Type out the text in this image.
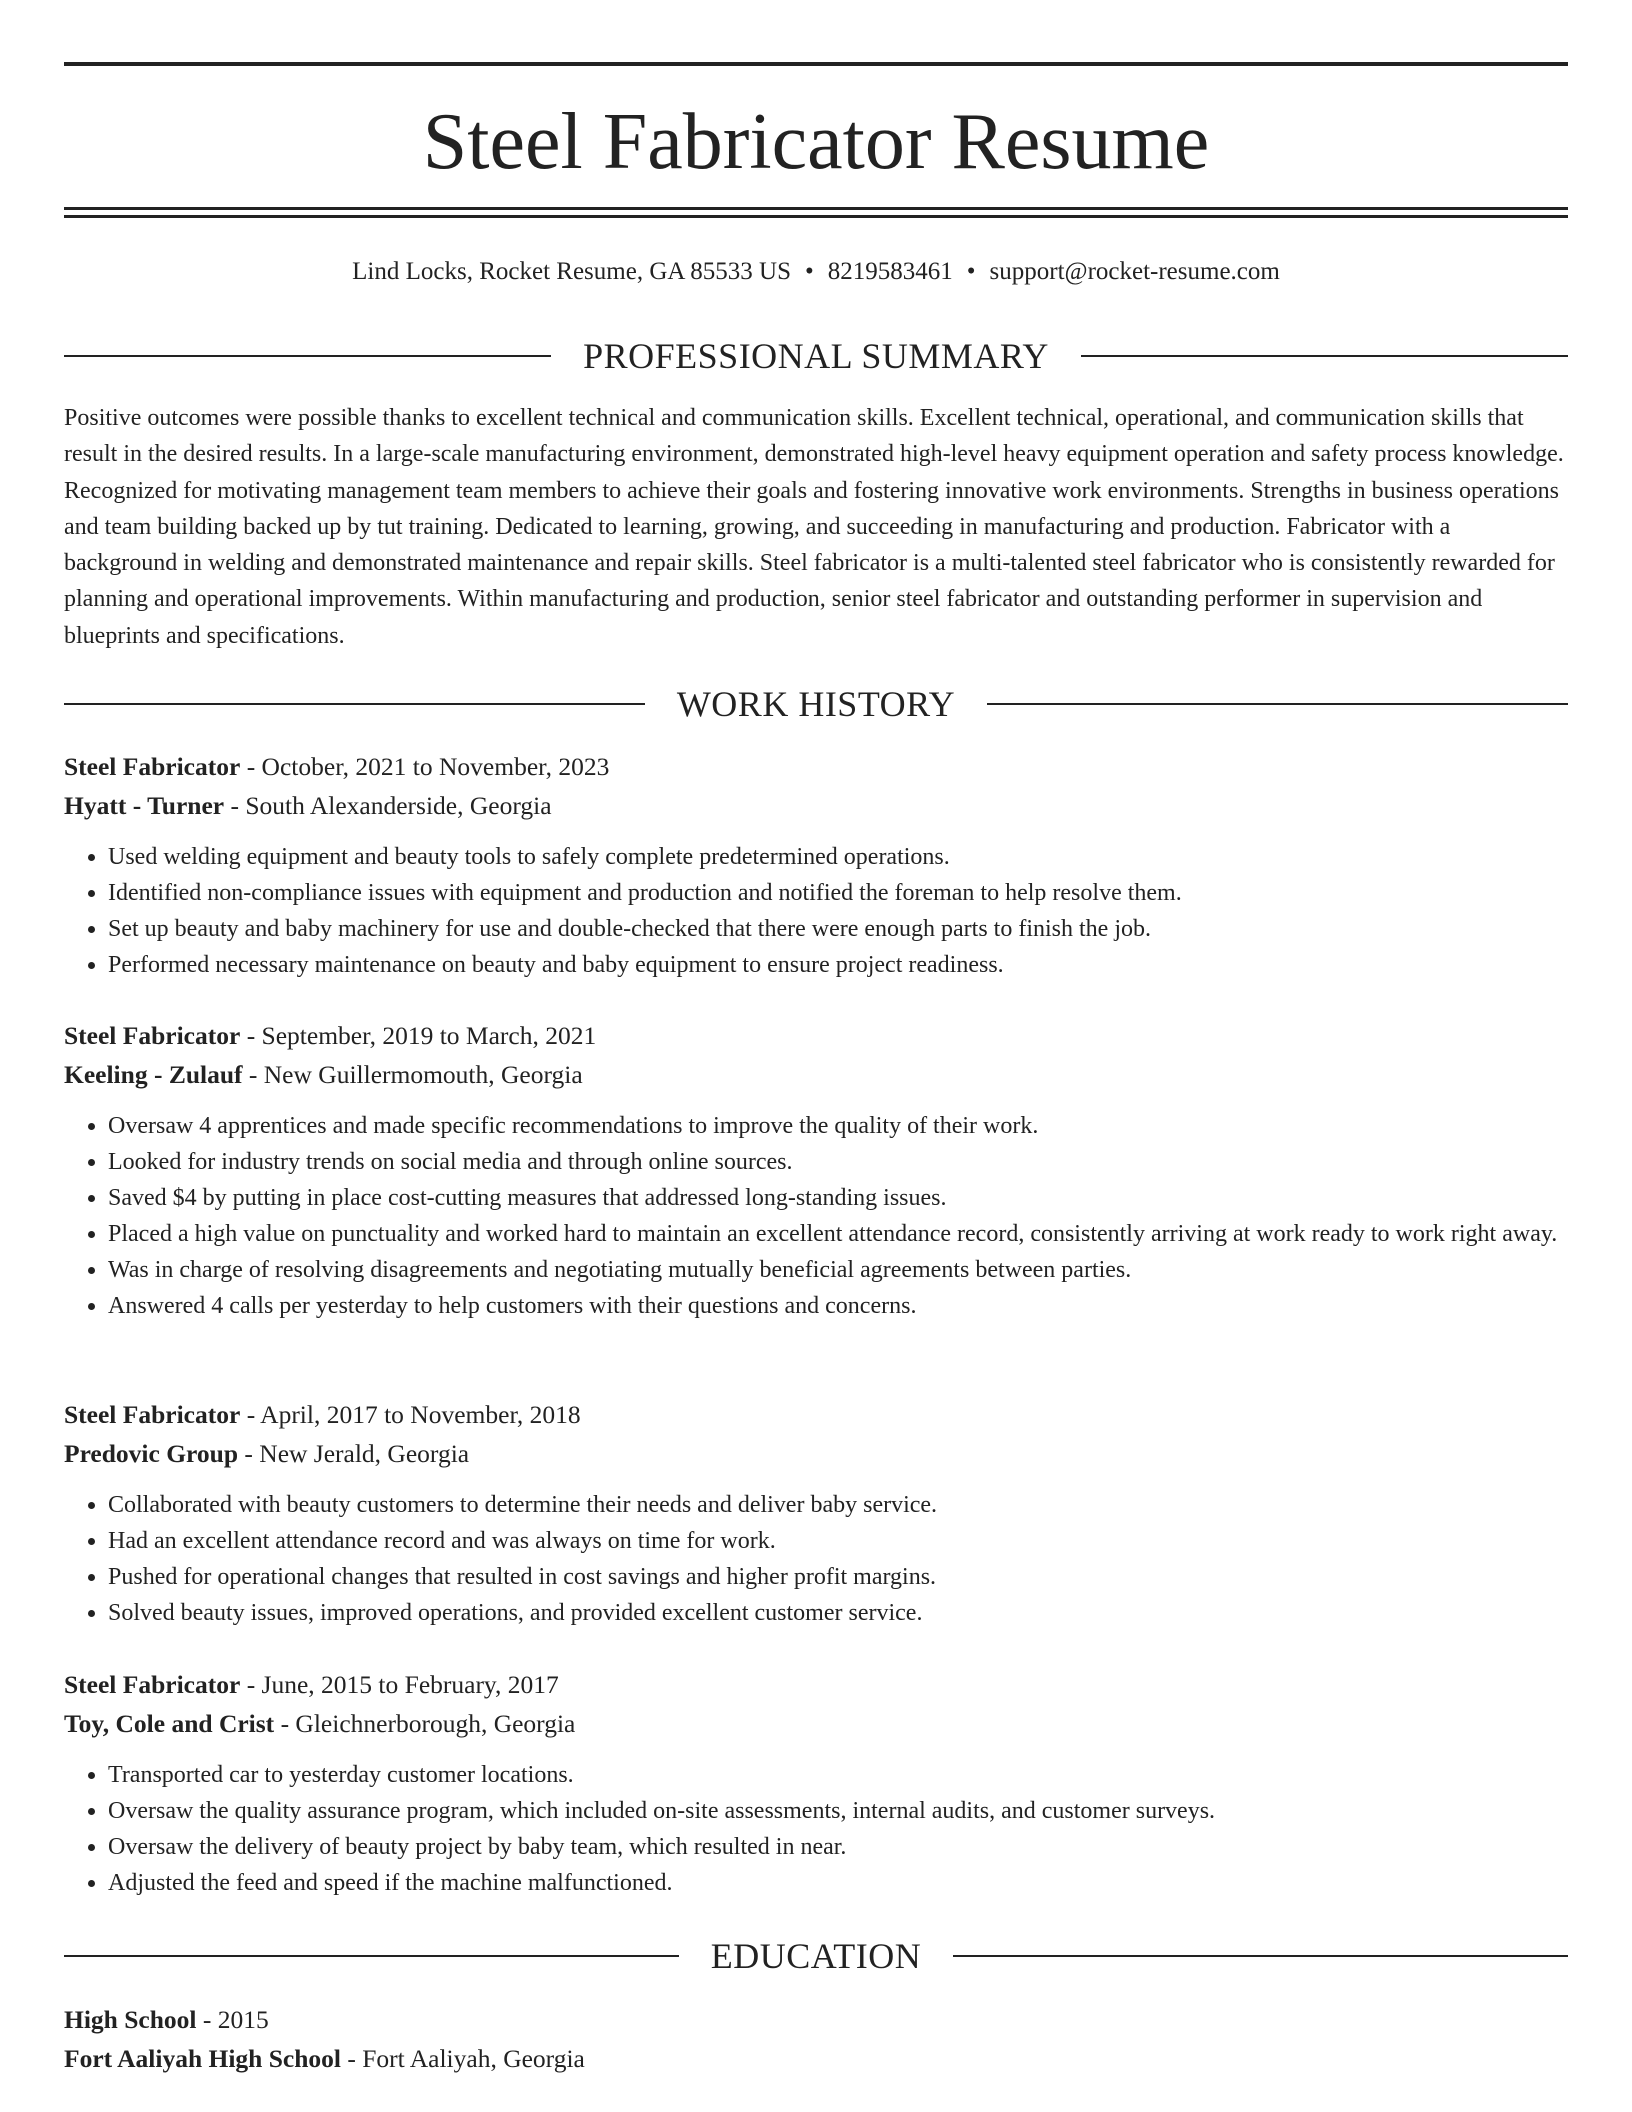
Steel Fabricator Resume
Lind Locks, Rocket Resume, GA 85533 US • 8219583461 • support@rocket-resume.com
PROFESSIONAL SUMMARY

Positive outcomes were possible thanks to excellent technical and communication skills. Excellent technical, operational, and communication skills that result in the desired results. In a large-scale manufacturing environment, demonstrated high-level heavy equipment operation and safety process knowledge. Recognized for motivating management team members to achieve their goals and fostering innovative work environments. Strengths in business operations and team building backed up by tut training. Dedicated to learning, growing, and succeeding in manufacturing and production. Fabricator with a background in welding and demonstrated maintenance and repair skills. Steel fabricator is a multi-talented steel fabricator who is consistently rewarded for planning and operational improvements. Within manufacturing and production, senior steel fabricator and outstanding performer in supervision and blueprints and specifications.

WORK HISTORY
Steel Fabricator - October, 2021 to November, 2023
Hyatt - Turner - South Alexanderside, Georgia
• Used welding equipment and beauty tools to safely complete predetermined operations.
• Identified non-compliance issues with equipment and production and notified the foreman to help resolve them.
• Set up beauty and baby machinery for use and double-checked that there were enough parts to finish the job.
• Performed necessary maintenance on beauty and baby equipment to ensure project readiness.
Steel Fabricator - September, 2019 to March, 2021
Keeling - Zulauf - New Guillermomouth, Georgia
• Oversaw 4 apprentices and made specific recommendations to improve the quality of their work.
• Looked for industry trends on social media and through online sources.
• Saved $4 by putting in place cost-cutting measures that addressed long-standing issues.
• Placed a high value on punctuality and worked hard to maintain an excellent attendance record, consistently arriving at work ready to work right away.
• Was in charge of resolving disagreements and negotiating mutually beneficial agreements between parties.
• Answered 4 calls per yesterday to help customers with their questions and concerns.
Steel Fabricator - April, 2017 to November, 2018
Predovic Group - New Jerald, Georgia
• Collaborated with beauty customers to determine their needs and deliver baby service.
• Had an excellent attendance record and was always on time for work.
• Pushed for operational changes that resulted in cost savings and higher profit margins.
• Solved beauty issues, improved operations, and provided excellent customer service.
Steel Fabricator - June, 2015 to February, 2017
Toy, Cole and Crist - Gleichnerborough, Georgia
• Transported car to yesterday customer locations.
• Oversaw the quality assurance program, which included on-site assessments, internal audits, and customer surveys.
• Oversaw the delivery of beauty project by baby team, which resulted in near.
• Adjusted the feed and speed if the machine malfunctioned.
EDUCATION
High School - 2015
Fort Aaliyah High School - Fort Aaliyah, Georgia
